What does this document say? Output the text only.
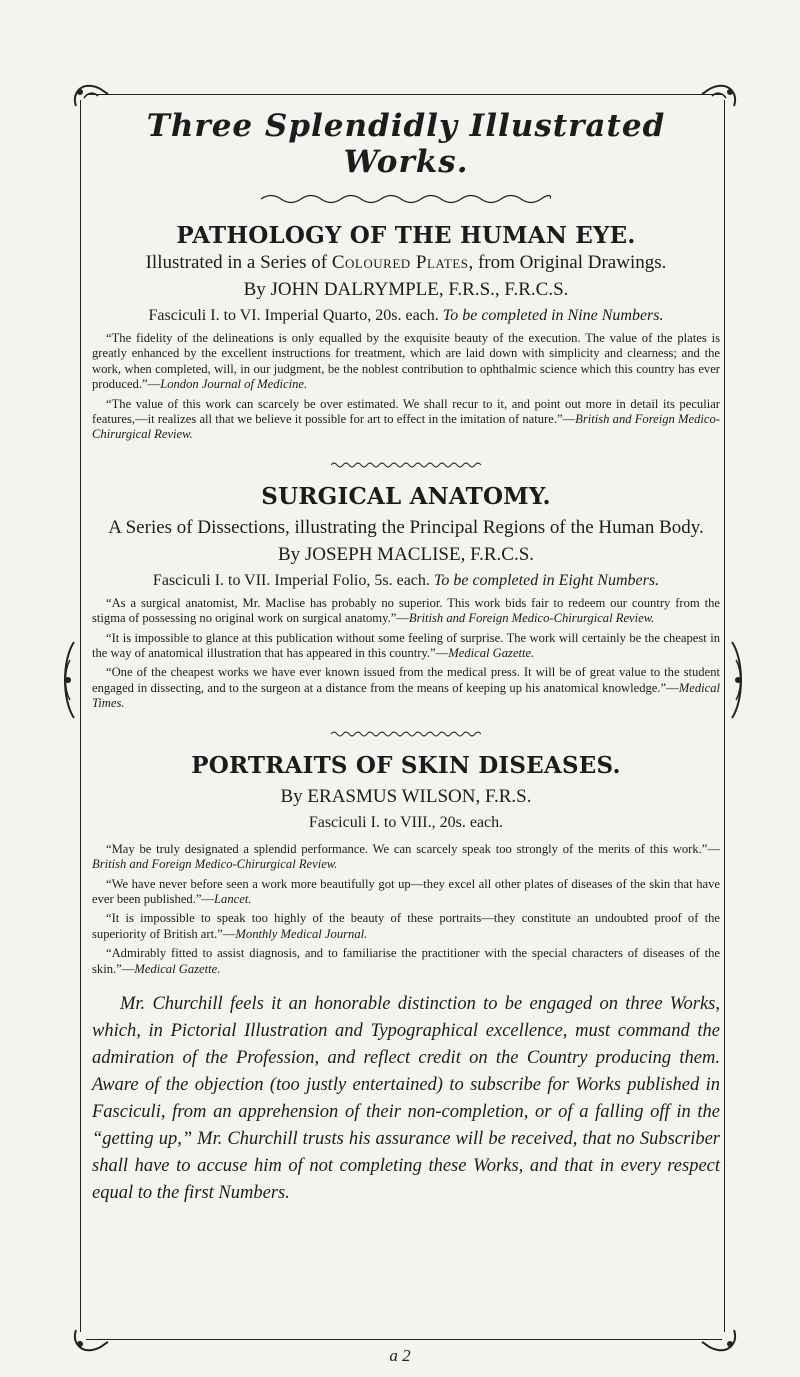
Three Splendidly Illustrated Works.
PATHOLOGY OF THE HUMAN EYE.
Illustrated in a Series of Coloured Plates, from Original Drawings.
By JOHN DALRYMPLE, F.R.S., F.R.C.S.
Fasciculi I. to VI. Imperial Quarto, 20s. each. To be completed in Nine Numbers.

“The fidelity of the delineations is only equalled by the exquisite beauty of the execution. The value of the plates is greatly enhanced by the excellent instructions for treatment, which are laid down with simplicity and clearness; and the work, when completed, will, in our judgment, be the noblest contribution to ophthalmic science which this country has ever produced.”—London Journal of Medicine.

“The value of this work can scarcely be over estimated. We shall recur to it, and point out more in detail its peculiar features,—it realizes all that we believe it possible for art to effect in the imitation of nature.”—British and Foreign Medico-Chirurgical Review.

SURGICAL ANATOMY.
A Series of Dissections, illustrating the Principal Regions of the Human Body.
By JOSEPH MACLISE, F.R.C.S.
Fasciculi I. to VII. Imperial Folio, 5s. each. To be completed in Eight Numbers.

“As a surgical anatomist, Mr. Maclise has probably no superior. This work bids fair to redeem our country from the stigma of possessing no original work on surgical anatomy.”—British and Foreign Medico-Chirurgical Review.

“It is impossible to glance at this publication without some feeling of surprise. The work will certainly be the cheapest in the way of anatomical illustration that has appeared in this country.”—Medical Gazette.

“One of the cheapest works we have ever known issued from the medical press. It will be of great value to the student engaged in dissecting, and to the surgeon at a distance from the means of keeping up his anatomical knowledge.”—Medical Times.

PORTRAITS OF SKIN DISEASES.
By ERASMUS WILSON, F.R.S.
Fasciculi I. to VIII., 20s. each.

“May be truly designated a splendid performance. We can scarcely speak too strongly of the merits of this work.”—British and Foreign Medico-Chirurgical Review.

“We have never before seen a work more beautifully got up—they excel all other plates of diseases of the skin that have ever been published.”—Lancet.

“It is impossible to speak too highly of the beauty of these portraits—they constitute an undoubted proof of the superiority of British art.”—Monthly Medical Journal.

“Admirably fitted to assist diagnosis, and to familiarise the practitioner with the special characters of diseases of the skin.”—Medical Gazette.

Mr. Churchill feels it an honorable distinction to be engaged on three Works, which, in Pictorial Illustration and Typographical excellence, must command the admiration of the Profession, and reflect credit on the Country producing them. Aware of the objection (too justly entertained) to subscribe for Works published in Fasciculi, from an apprehension of their non-completion, or of a falling off in the “getting up,” Mr. Churchill trusts his assurance will be received, that no Subscriber shall have to accuse him of not completing these Works, and that in every respect equal to the first Numbers.

a 2
